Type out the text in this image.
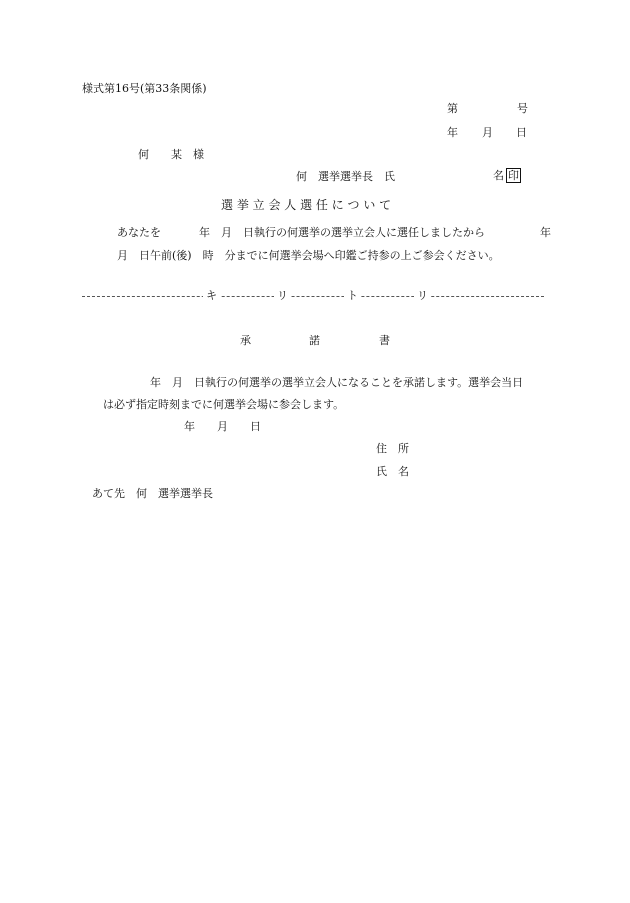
様式第16号(第33条関係)
第	号
年 月 日
何　　某　様
何　選挙選挙長　氏	名 印
選 挙 立 会 人 選 任 に つ い て
あなたを	年　月　日執行の何選挙の選挙立会人に選任しましたから	年
月　日午前(後)　時　分までに何選挙会場へ印鑑ご持参の上ご参会ください。
キ	リ	ト	リ
承	諾	書
年　月　日執行の何選挙の選挙立会人になることを承諾します。選挙会当日
は必ず指定時刻までに何選挙会場に参会します。
年　　月　　日
住　所
氏　名
あて先　何　選挙選挙長
